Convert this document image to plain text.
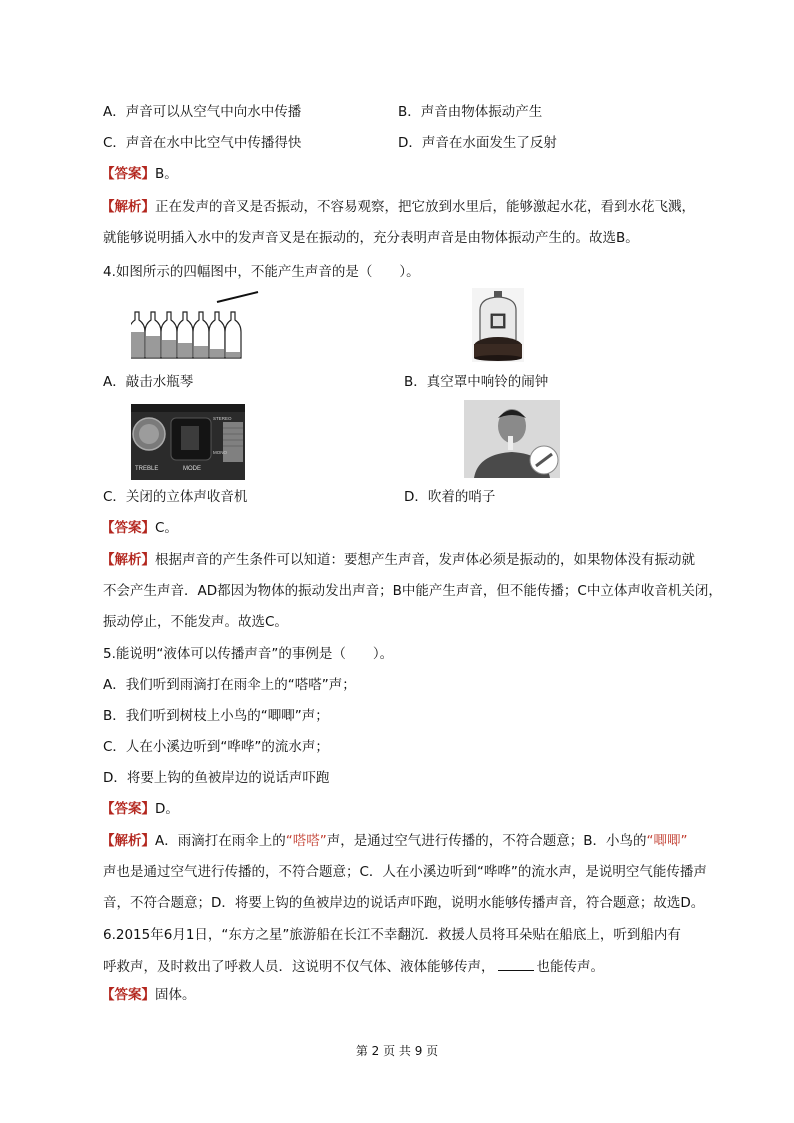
A．声音可以从空气中向水中传播	B．声音由物体振动产生
C．声音在水中比空气中传播得快	D．声音在水面发生了反射
【答案】B。
【解析】正在发声的音叉是否振动，不容易观察，把它放到水里后，能够激起水花，看到水花飞溅，
就能够说明插入水中的发声音叉是在振动的，充分表明声音是由物体振动产生的。故选B。
4.如图所示的四幅图中，不能产生声音的是（　　）。
A．敲击水瓶琴	B．真空罩中响铃的闹钟
TREBLE	MODE
STEREO
MONO
C．关闭的立体声收音机	D．吹着的哨子
【答案】C。
【解析】根据声音的产生条件可以知道：要想产生声音，发声体必须是振动的，如果物体没有振动就
不会产生声音．AD都因为物体的振动发出声音；B中能产生声音，但不能传播；C中立体声收音机关闭，
振动停止，不能发声。故选C。
5.能说明“液体可以传播声音”的事例是（　　）。
A．我们听到雨滴打在雨伞上的“嗒嗒”声；
B．我们听到树枝上小鸟的“唧唧”声；
C．人在小溪边听到“哗哗”的流水声；
D．将要上钩的鱼被岸边的说话声吓跑
【答案】D。
【解析】A．雨滴打在雨伞上的“嗒嗒”声，是通过空气进行传播的，不符合题意；B．小鸟的“唧唧”
声也是通过空气进行传播的，不符合题意；C．人在小溪边听到“哗哗”的流水声，是说明空气能传播声
音，不符合题意；D．将要上钩的鱼被岸边的说话声吓跑，说明水能够传播声音，符合题意；故选D。
6.2015年6月1日，“东方之星”旅游船在长江不幸翻沉．救援人员将耳朵贴在船底上，听到船内有
呼救声，及时救出了呼救人员．这说明不仅气体、液体能够传声，	也能传声。
【答案】固体。
第 2 页 共 9 页
